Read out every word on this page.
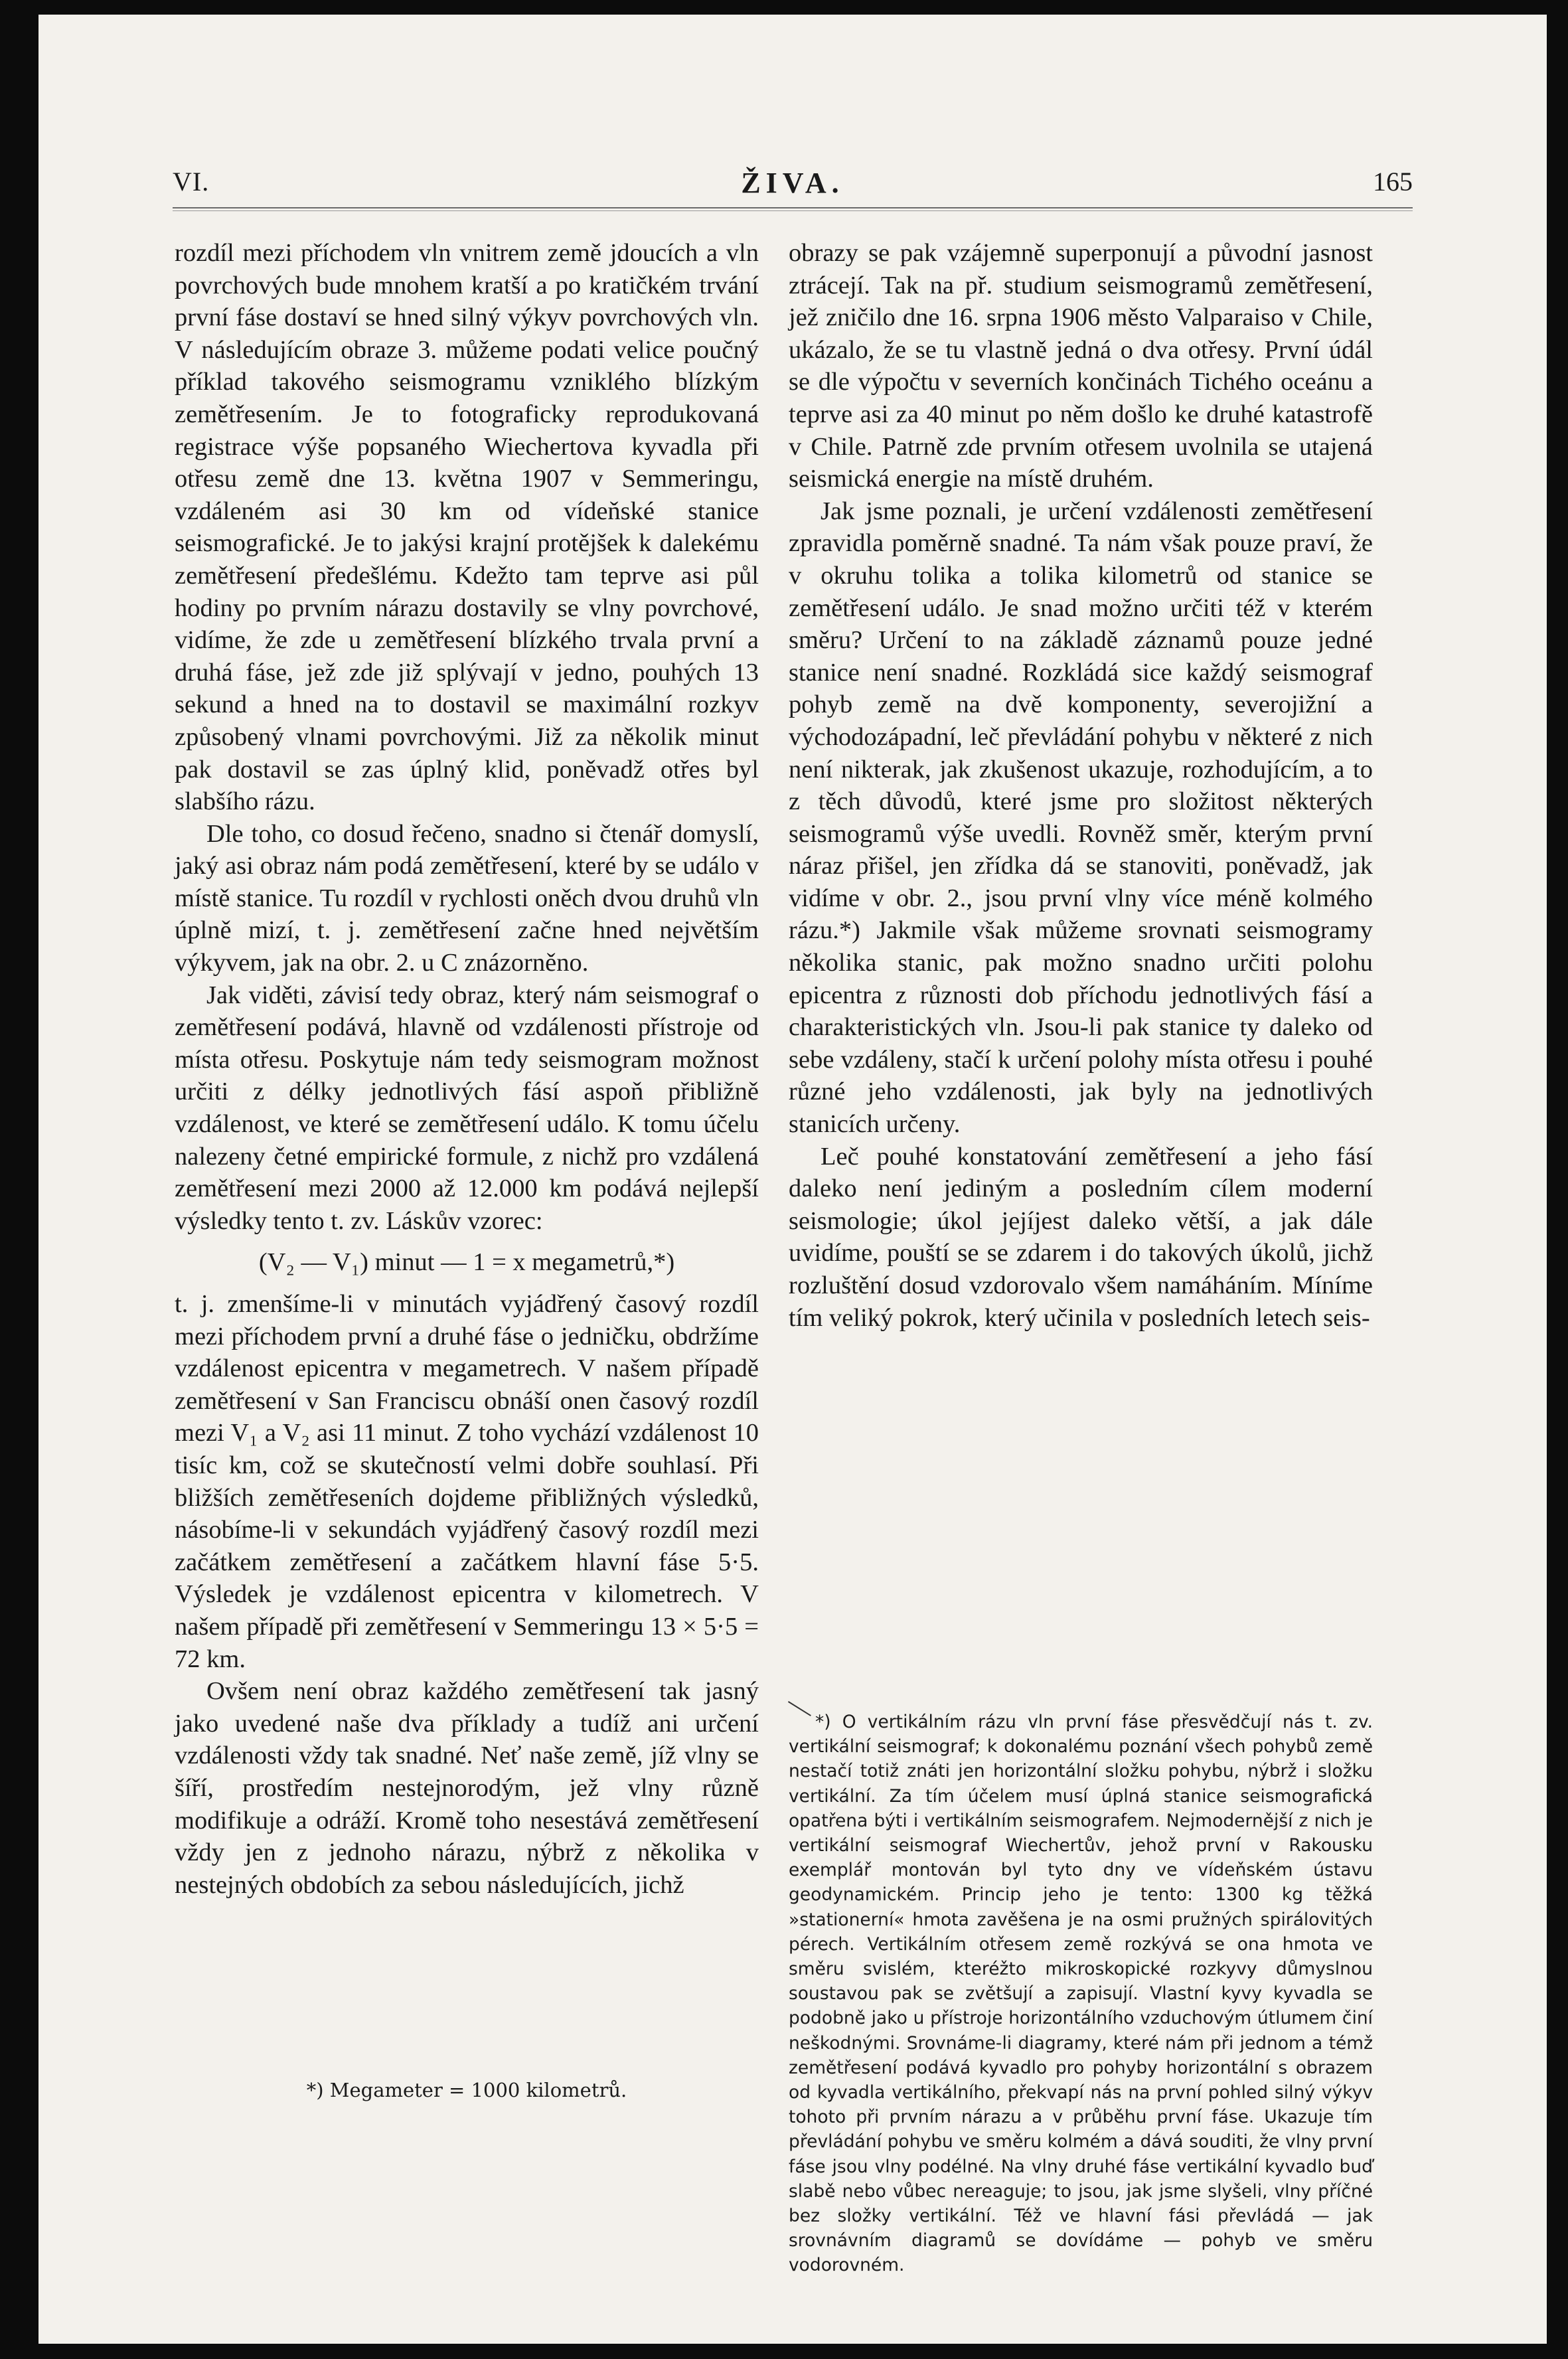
VI.	ŽIVA.	165

rozdíl mezi příchodem vln vnitrem země jdoucích a vln povrchových bude mnohem kratší a po kratičkém trvání první fáse dostaví se hned silný výkyv povrchových vln. V následujícím obraze 3. můžeme podati velice poučný příklad takového seismogramu vzniklého blízkým zemětřesením. Je to fotograficky reprodukovaná registrace výše popsaného Wiechertova kyvadla při otřesu země dne 13. května 1907 v Semmeringu, vzdáleném asi 30 km od vídeňské stanice seismografické. Je to jakýsi krajní protějšek k dalekému zemětřesení předešlému. Kdežto tam teprve asi půl hodiny po prvním nárazu dostavily se vlny povrchové, vidíme, že zde u zemětřesení blízkého trvala první a druhá fáse, jež zde již splývají v jedno, pouhých 13 sekund a hned na to dostavil se maximální rozkyv způsobený vlnami povrchovými. Již za několik minut pak dostavil se zas úplný klid, poněvadž otřes byl slabšího rázu.

Dle toho, co dosud řečeno, snadno si čtenář domyslí, jaký asi obraz nám podá zemětřesení, které by se událo v místě stanice. Tu rozdíl v rychlosti oněch dvou druhů vln úplně mizí, t. j. zemětřesení začne hned největším výkyvem, jak na obr. 2. u C znázorněno.

Jak viděti, závisí tedy obraz, který nám seismograf o zemětřesení podává, hlavně od vzdálenosti přístroje od místa otřesu. Poskytuje nám tedy seismogram možnost určiti z délky jednotlivých fásí aspoň přibližně vzdálenost, ve které se zemětřesení událo. K tomu účelu nalezeny četné empirické formule, z nichž pro vzdálená zemětřesení mezi 2000 až 12.000 km podává nejlepší výsledky tento t. zv. Láskův vzorec:

(V₂ — V₁) minut — 1 = x megametrů,*)

t. j. zmenšíme-li v minutách vyjádřený časový rozdíl mezi příchodem první a druhé fáse o jedničku, obdržíme vzdálenost epicentra v megametrech. V našem případě zemětřesení v San Franciscu obnáší onen časový rozdíl mezi V₁ a V₂ asi 11 minut. Z toho vychází vzdálenost 10 tisíc km, což se skutečností velmi dobře souhlasí. Při bližších zemětřeseních dojdeme přibližných výsledků, násobíme-li v sekundách vyjádřený časový rozdíl mezi začátkem zemětřesení a začátkem hlavní fáse 5·5. Výsledek je vzdálenost epicentra v kilometrech. V našem případě při zemětřesení v Semmeringu 13 × 5·5 = 72 km.

Ovšem není obraz každého zemětřesení tak jasný jako uvedené naše dva příklady a tudíž ani určení vzdálenosti vždy tak snadné. Neť naše země, jíž vlny se šíří, prostředím nestejnorodým, jež vlny různě modifikuje a odráží. Kromě toho nesestává zemětřesení vždy jen z jednoho nárazu, nýbrž z několika v nestejných obdobích za sebou následujících, jichž

*) Megameter = 1000 kilometrů.

obrazy se pak vzájemně superponují a původní jasnost ztrácejí. Tak na př. studium seismogramů zemětřesení, jež zničilo dne 16. srpna 1906 město Valparaiso v Chile, ukázalo, že se tu vlastně jedná o dva otřesy. První údál se dle výpočtu v severních končinách Tichého oceánu a teprve asi za 40 minut po něm došlo ke druhé katastrofě v Chile. Patrně zde prvním otřesem uvolnila se utajená seismická energie na místě druhém.

Jak jsme poznali, je určení vzdálenosti zemětřesení zpravidla poměrně snadné. Ta nám však pouze praví, že v okruhu tolika a tolika kilometrů od stanice se zemětřesení událo. Je snad možno určiti též v kterém směru? Určení to na základě záznamů pouze jedné stanice není snadné. Rozkládá sice každý seismograf pohyb země na dvě komponenty, severojižní a východozápadní, leč převládání pohybu v některé z nich není nikterak, jak zkušenost ukazuje, rozhodujícím, a to z těch důvodů, které jsme pro složitost některých seismogramů výše uvedli. Rovněž směr, kterým první náraz přišel, jen zřídka dá se stanoviti, poněvadž, jak vidíme v obr. 2., jsou první vlny více méně kolmého rázu.*) Jakmile však můžeme srovnati seismogramy několika stanic, pak možno snadno určiti polohu epicentra z různosti dob příchodu jednotlivých fásí a charakteristických vln. Jsou-li pak stanice ty daleko od sebe vzdáleny, stačí k určení polohy místa otřesu i pouhé různé jeho vzdálenosti, jak byly na jednotlivých stanicích určeny.

Leč pouhé konstatování zemětřesení a jeho fásí daleko není jediným a posledním cílem moderní seismologie; úkol jejíjest daleko větší, a jak dále uvidíme, pouští se se zdarem i do takových úkolů, jichž rozluštění dosud vzdorovalo všem namáháním. Míníme tím veliký pokrok, který učinila v posledních letech seis-

*) O vertikálním rázu vln první fáse přesvědčují nás t. zv. vertikální seismograf; k dokonalému poznání všech pohybů země nestačí totiž znáti jen horizontální složku pohybu, nýbrž i složku vertikální. Za tím účelem musí úplná stanice seismografická opatřena býti i vertikálním seismografem. Nejmodernější z nich je vertikální seismograf Wiechertův, jehož první v Rakousku exemplář montován byl tyto dny ve vídeňském ústavu geodynamickém. Princip jeho je tento: 1300 kg těžká »stationerní« hmota zavěšena je na osmi pružných spirálovitých pérech. Vertikálním otřesem země rozkývá se ona hmota ve směru svislém, kteréžto mikroskopické rozkyvy důmyslnou soustavou pak se zvětšují a zapisují. Vlastní kyvy kyvadla se podobně jako u přístroje horizontálního vzduchovým útlumem činí neškodnými. Srovnáme-li diagramy, které nám při jednom a témž zemětřesení podává kyvadlo pro pohyby horizontální s obrazem od kyvadla vertikálního, překvapí nás na první pohled silný výkyv tohoto při prvním nárazu a v průběhu první fáse. Ukazuje tím převládání pohybu ve směru kolmém a dává souditi, že vlny první fáse jsou vlny podélné. Na vlny druhé fáse vertikální kyvadlo buď slabě nebo vůbec nereaguje; to jsou, jak jsme slyšeli, vlny příčné bez složky vertikální. Též ve hlavní fási převládá — jak srovnávním diagramů se dovídáme — pohyb ve směru vodorovném.
